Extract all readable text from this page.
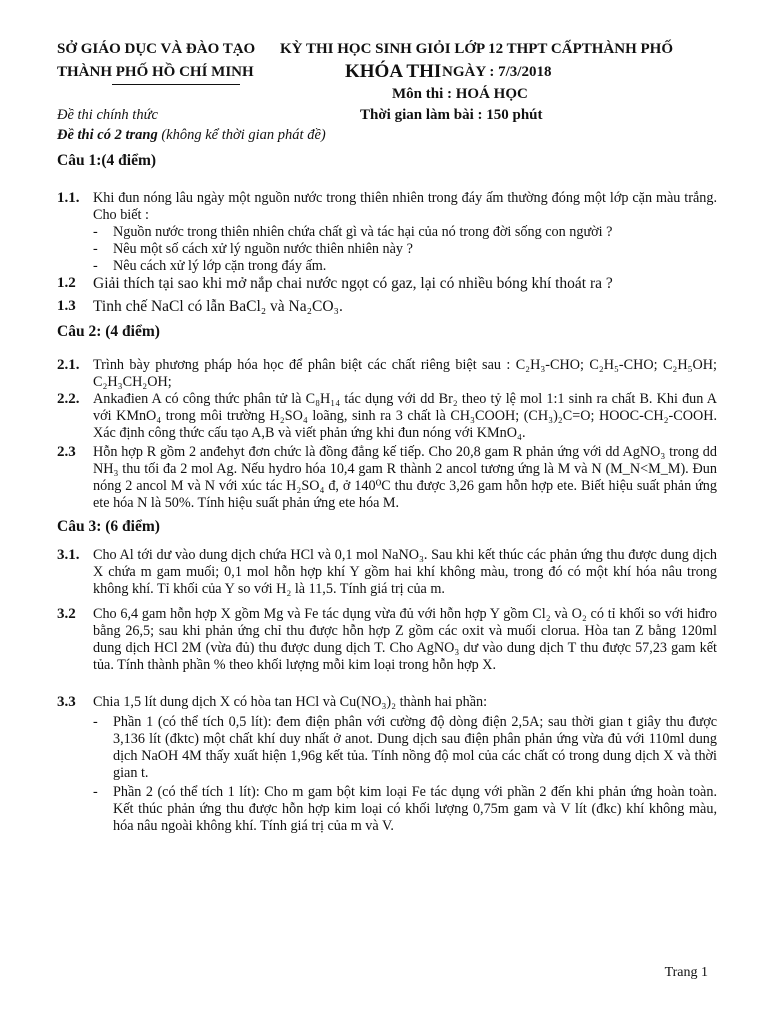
SỞ GIÁO DỤC VÀ ĐÀO TẠO
THÀNH PHỐ HỒ CHÍ MINH
KỲ THI HỌC SINH GIỎI LỚP 12 THPT CẤPTHÀNH PHỐ
KHÓA THI NGÀY : 7/3/2018
Môn thi : HOÁ HỌC
Đề thi chính thức	Thời gian làm bài : 150 phút
Đề thi có 2 trang (không kể thời gian phát đề)
Câu 1:(4 điểm)
1.1. Khi đun nóng lâu ngày một nguồn nước trong thiên nhiên trong đáy ấm thường đóng một lớp cặn màu trắng. Cho biết :
-	Nguồn nước trong thiên nhiên chứa chất gì và tác hại của nó trong đời sống con người ?
-	Nêu một số cách xử lý nguồn nước thiên nhiên này ?
-	Nêu cách xử lý lớp cặn trong đáy ấm.
1.2 Giải thích tại sao khi mở nắp chai nước ngọt có gaz, lại có nhiều bóng khí thoát ra ?
1.3 Tinh chế NaCl có lẫn BaCl₂ và Na₂CO₃.
Câu 2: (4 điểm)
2.1. Trình bày phương pháp hóa học để phân biệt các chất riêng biệt sau : C₂H₃-CHO; C₂H₅-CHO; C₂H₅OH; C₂H₃CH₂OH;
2.2. Ankađien A có công thức phân tử là C₈H₁₄ tác dụng với dd Br₂ theo tỷ lệ mol 1:1 sinh ra chất B. Khi đun A với KMnO₄ trong môi trường H₂SO₄ loãng, sinh ra 3 chất là CH₃COOH; (CH₃)₂C=O; HOOC-CH₂-COOH. Xác định công thức cấu tạo A,B và viết phản ứng khi đun nóng với KMnO₄.
2.3 Hỗn hợp R gồm 2 anđehyt đơn chức là đồng đẳng kế tiếp. Cho 20,8 gam R phản ứng với dd AgNO₃ trong dd NH₃ thu tối đa 2 mol Ag. Nếu hydro hóa 10,4 gam R thành 2 ancol tương ứng là M và N (M_N<M_M). Đun nóng 2 ancol M và N với xúc tác H₂SO₄ đ, ở 140⁰C thu được 3,26 gam hỗn hợp ete. Biết hiệu suất phản ứng ete hóa N là 50%. Tính hiệu suất phản ứng ete hóa M.
Câu 3: (6 điểm)
3.1. Cho Al tới dư vào dung dịch chứa HCl và 0,1 mol NaNO₃. Sau khi kết thúc các phản ứng thu được dung dịch X chứa m gam muối; 0,1 mol hỗn hợp khí Y gồm hai khí không màu, trong đó có một khí hóa nâu trong không khí. Tỉ khối của Y so với H₂ là 11,5. Tính giá trị của m.
3.2 Cho 6,4 gam hỗn hợp X gồm Mg và Fe tác dụng vừa đủ với hỗn hợp Y gồm Cl₂ và O₂ có tỉ khối so với hiđro bằng 26,5; sau khi phản ứng chỉ thu được hỗn hợp Z gồm các oxit và muối clorua. Hòa tan Z bằng 120ml dung dịch HCl 2M (vừa đủ) thu được dung dịch T. Cho AgNO₃ dư vào dung dịch T thu được 57,23 gam kết tủa. Tính thành phần % theo khối lượng mỗi kim loại trong hỗn hợp X.
3.3 Chia 1,5 lít dung dịch X có hòa tan HCl và Cu(NO₃)₂ thành hai phần:
-	Phần 1 (có thể tích 0,5 lít): đem điện phân với cường độ dòng điện 2,5A; sau thời gian t giây thu được 3,136 lít (đktc) một chất khí duy nhất ở anot. Dung dịch sau điện phân phản ứng vừa đủ với 110ml dung dịch NaOH 4M thấy xuất hiện 1,96g kết tủa. Tính nồng độ mol của các chất có trong dung dịch X và thời gian t.
-	Phần 2 (có thể tích 1 lít): Cho m gam bột kim loại Fe tác dụng với phần 2 đến khi phản ứng hoàn toàn. Kết thúc phản ứng thu được hỗn hợp kim loại có khối lượng 0,75m gam và V lít (đkc) khí không màu, hóa nâu ngoài không khí. Tính giá trị của m và V.
Trang 1
